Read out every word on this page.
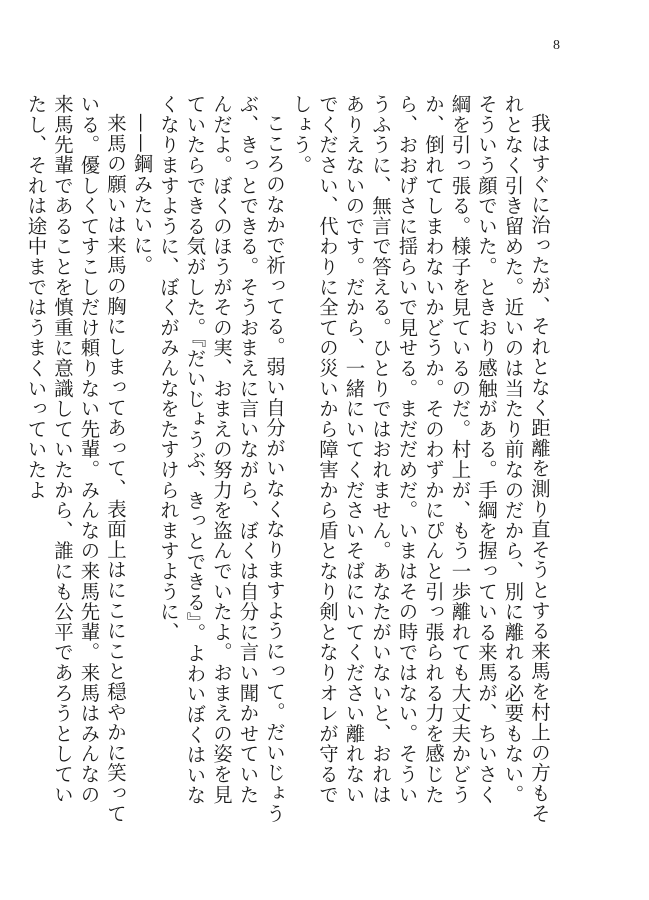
8

我はすぐに治ったが、それとなく距離を測り直そうとする来馬を村上の方もそれとなく引き留めた。近いのは当たり前なのだから、別に離れる必要もない。そういう顔でいた。ときおり感触がある。手綱を握っている来馬が、ちいさく綱を引っ張る。様子を見ているのだ。村上が、もう一歩離れても大丈夫かどうか、倒れてしまわないかどうか。そのわずかにぴんと引っ張られる力を感じたら、おおげさに揺らいで見せる。まだだめだ。いまはその時ではない。そういうふうに、無言で答える。ひとりではおれません。あなたがいないと、おれはありえないのです。だから、一緒にいてくださいそばにいてください離れないでください、代わりに全ての災いから障害から盾となり剣となりオレが守るでしょう。

こころのなかで祈ってる。弱い自分がいなくなりますようにって。だいじょうぶ、きっとできる。そうおまえに言いながら、ぼくは自分に言い聞かせていたんだよ。ぼくのほうがその実、おまえの努力を盗んでいたよ。おまえの姿を見ていたらできる気がした。『だいじょうぶ、きっとできる』。よわいぼくはいなくなりますように、ぼくがみんなをたすけられますように、

——鋼みたいに。

来馬の願いは来馬の胸にしまってあって、表面上はにこにこと穏やかに笑っている。優しくてすこしだけ頼りない先輩。みんなの来馬先輩。来馬はみんなの来馬先輩であることを慎重に意識していたから、誰にも公平であろうとしていたし、それは途中まではうまくいっていたよ
